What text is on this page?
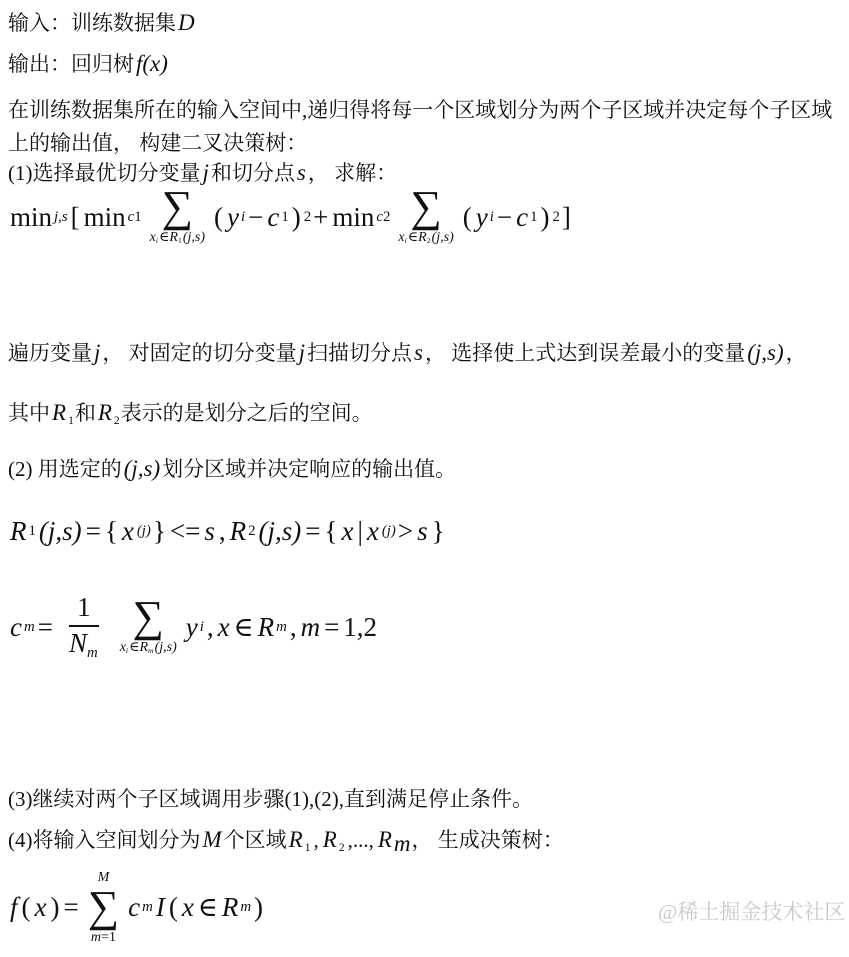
输入：训练数据集D
输出：回归树f(x)
在训练数据集所在的输入空间中,递归得将每一个区域划分为两个子区域并决定每个子区域
上的输出值， 构建二叉决策树：
(1)选择最优切分变量j和切分点s， 求解：
min j,s [ min c1 ∑
xi∈R1(j,s)
( y i − c 1 ) 2 + min c2 ∑
xi∈R2(j,s)
( y i − c 1 ) 2 ]
遍历变量j， 对固定的切分变量j扫描切分点s， 选择使上式达到误差最小的变量(j,s)，
其中R 1和R 2表示的是划分之后的空间。
(2) 用选定的(j,s)划分区域并决定响应的输出值。
R 1 (j,s) = { x (j) } <= s , R 2 (j,s) = { x | x (j) > s }
c $m = \frac{1}{Nm}$ ∑
xi∈Rm(j,s)
y i , x ∈ R m , m = 1,2
(3)继续对两个子区域调用步骤(1),(2),直到满足停止条件。
(4)将输入空间划分为M个区域R 1 , R 2 ,..., Rm， 生成决策树：
f ( x ) =
M
∑
m=1
c m I ( x ∈ R m )	@稀土掘金技术社区
